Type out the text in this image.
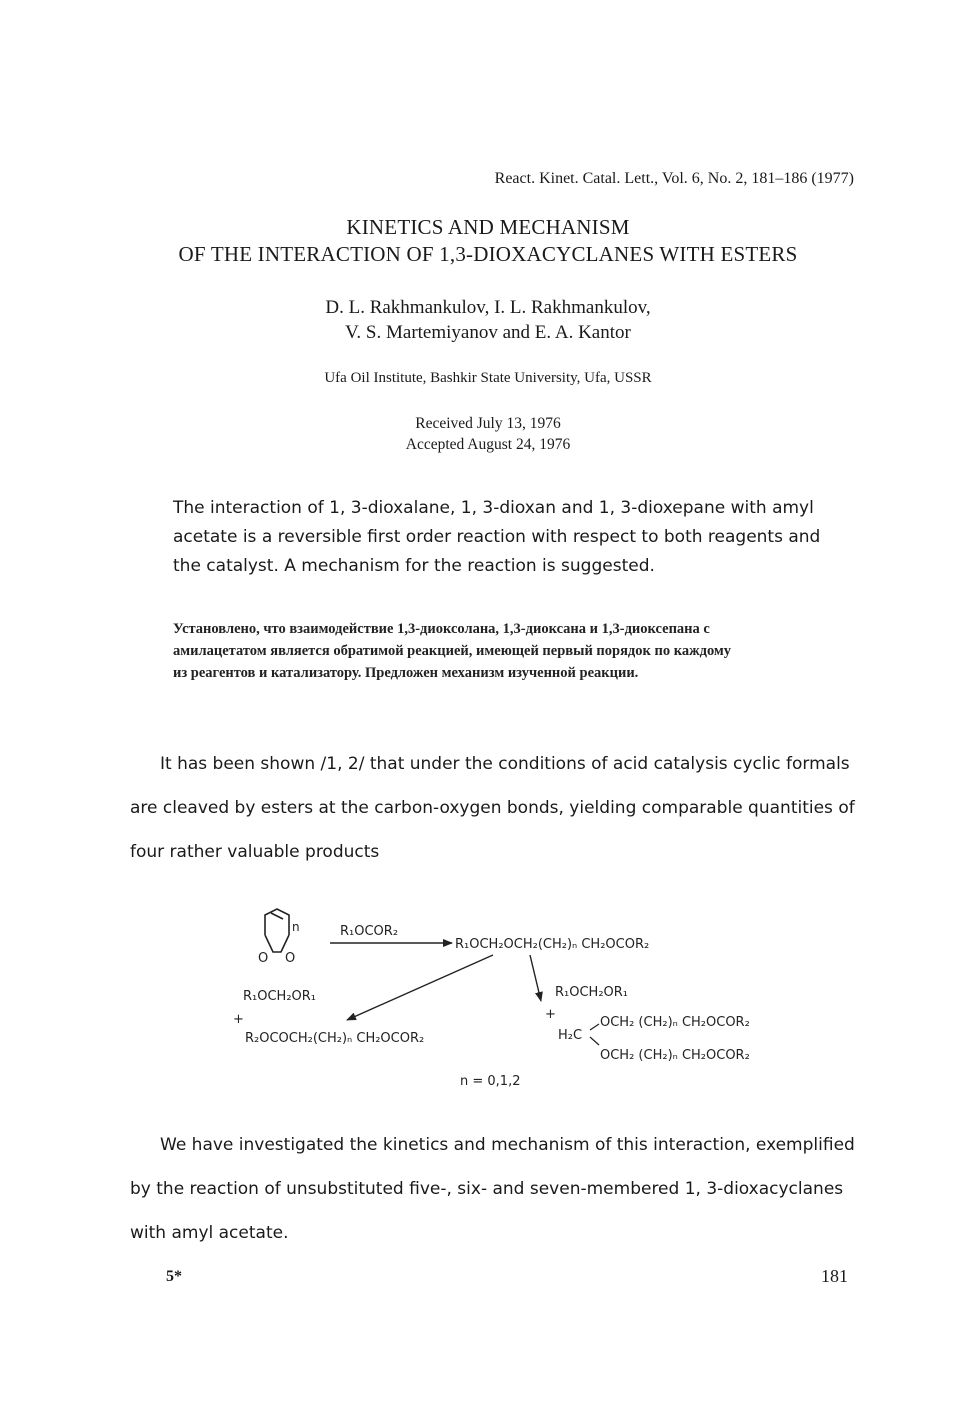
React. Kinet. Catal. Lett., Vol. 6, No. 2, 181–186 (1977)
KINETICS AND MECHANISM
OF THE INTERACTION OF 1,3-DIOXACYCLANES WITH ESTERS
D. L. Rakhmankulov, I. L. Rakhmankulov,
V. S. Martemiyanov and E. A. Kantor
Ufa Oil Institute, Bashkir State University, Ufa, USSR
Received July 13, 1976
Accepted August 24, 1976
The interaction of 1, 3-dioxalane, 1, 3-dioxan and 1, 3-dioxepane with amyl
acetate is a reversible first order reaction with respect to both reagents and
the catalyst. A mechanism for the reaction is suggested.
Установлено, что взаимодействие 1,3-диоксолана, 1,3-диоксана и 1,3-диоксепана с
амилацетатом является обратимой реакцией, имеющей первый порядок по каждому
из реагентов и катализатору. Предложен механизм изученной реакции.
It has been shown /1, 2/ that under the conditions of acid catalysis cyclic formals
are cleaved by esters at the carbon-oxygen bonds, yielding comparable quantities of
four rather valuable products
n
O O
R₁OCOR₂
R₁OCH₂OCH₂(CH₂)ₙ CH₂OCOR₂
R₁OCH₂OR₁
+
R₂OCOCH₂(CH₂)ₙ CH₂OCOR₂
R₁OCH₂OR₁
+
H₂C
OCH₂ (CH₂)ₙ CH₂OCOR₂
OCH₂ (CH₂)ₙ CH₂OCOR₂
n = 0,1,2
We have investigated the kinetics and mechanism of this interaction, exemplified
by the reaction of unsubstituted five-, six- and seven-membered 1, 3-dioxacyclanes
with amyl acetate.
5*	181
